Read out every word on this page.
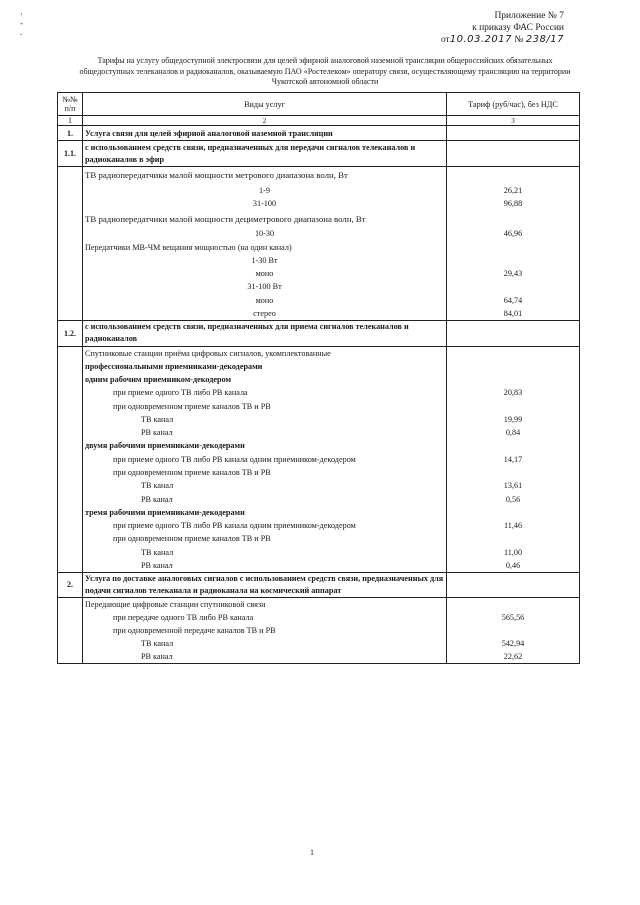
·
-
.
Приложение № 7
к приказу ФАС России
от10.03.2017 № 238/17
Тарифы на услугу общедоступной электросвязи для целей эфирной аналоговой наземной трансляции общероссийских обязательных общедоступных телеканалов и радиоканалов, оказываемую ПАО «Ростелеком» оператору связи, осуществляющему трансляцию на территории Чукотской автономной области
№№ п/п	Виды услуг	Тариф (руб/час), без НДС
1	2	3
1.	Услуга связи для целей эфирной аналоговой наземной трансляции	
1.1.	с использованием средств связи, предназначенных для передачи сигналов телеканалов и радиоканалов в эфир	
	ТВ радиопередатчики малой мощности метрового диапазона волн, Вт	
	1-9	26,21
	31-100	96,88
	ТВ радиопередатчики малой мощности дециметрового диапазона волн, Вт	
	10-30	46,96
	Передатчики МВ-ЧМ вещания мощностью (на один канал)	
	1-30 Вт	
	моно	29,43
	31-100 Вт	
	моно	64,74
	стерео	84,01
1.2.	с использованием средств связи, предназначенных для приема сигналов телеканалов и радиоканалов	
	Спутниковые станции приёма цифровых сигналов, укомплектованные	
	профессиональными приемниками-декодерами	
	одним рабочим приемником-декодером	
	при приеме одного ТВ либо РВ канала	20,83
	при одновременном приеме каналов ТВ и РВ	
	ТВ канал	19,99
	РВ канал	0,84
	двумя рабочими приемниками-декодерами	
	при приеме одного ТВ либо РВ канала одним приемником-декодером	14,17
	при одновременном приеме каналов ТВ и РВ	
	ТВ канал	13,61
	РВ канал	0,56
	тремя рабочими приемниками-декодерами	
	при приеме одного ТВ либо РВ канала одним приемником-декодером	11,46
	при одновременном приеме каналов ТВ и РВ	
	ТВ канал	11,00
	РВ канал	0,46
2.	Услуга по доставке аналоговых сигналов с использованием средств связи, предназначенных для подачи сигналов телеканала и радиоканала на космический аппарат	
	Передающие цифровые станции спутниковой связи	
	при передаче одного ТВ либо РВ канала	565,56
	при одновременной передаче каналов ТВ и РВ	
	ТВ канал	542,94
	РВ канал	22,62
1
